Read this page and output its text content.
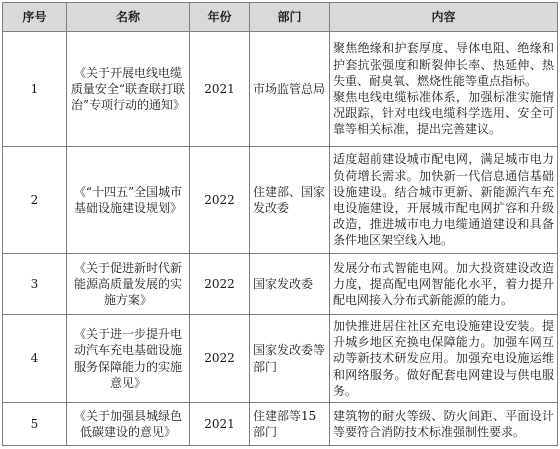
序号	名称	年份	部门	内容
1	《关于开展电线电缆质量安全“联查联打联治”专项行动的通知》	2021	市场监管总局	聚焦绝缘和护套厚度、导体电阻、绝缘和护套抗张强度和断裂伸长率、热延伸、热失重、耐臭氧、燃烧性能等重点指标。
聚焦电线电缆标准体系，加强标准实施情况跟踪，针对电线电缆科学选用、安全可靠等相关标准，提出完善建议。

2	《“十四五”全国城市基础设施建设规划》	2022	住建部、国家发改委	适度超前建设城市配电网，满足城市电力负荷增长需求。加快新一代信息通信基础设施建设。结合城市更新、新能源汽车充电设施建设，开展城市配电网扩容和升级改造，推进城市电力电缆通道建设和具备条件地区架空线入地。

3	《关于促进新时代新能源高质量发展的实施方案》	2022	国家发改委	发展分布式智能电网。加大投资建设改造力度，提高配电网智能化水平，着力提升配电网接入分布式新能源的能力。

4	《关于进一步提升电动汽车充电基础设施服务保障能力的实施意见》	2022	国家发改委等部门	加快推进居住社区充电设施建设安装。提升城乡地区充换电保障能力。加强车网互动等新技术研发应用。加强充电设施运维和网络服务。做好配套电网建设与供电服务。

5	《关于加强县城绿色低碳建设的意见》	2021	住建部等15部门	建筑物的耐火等级、防火间距、平面设计等要符合消防技术标准强制性要求。
